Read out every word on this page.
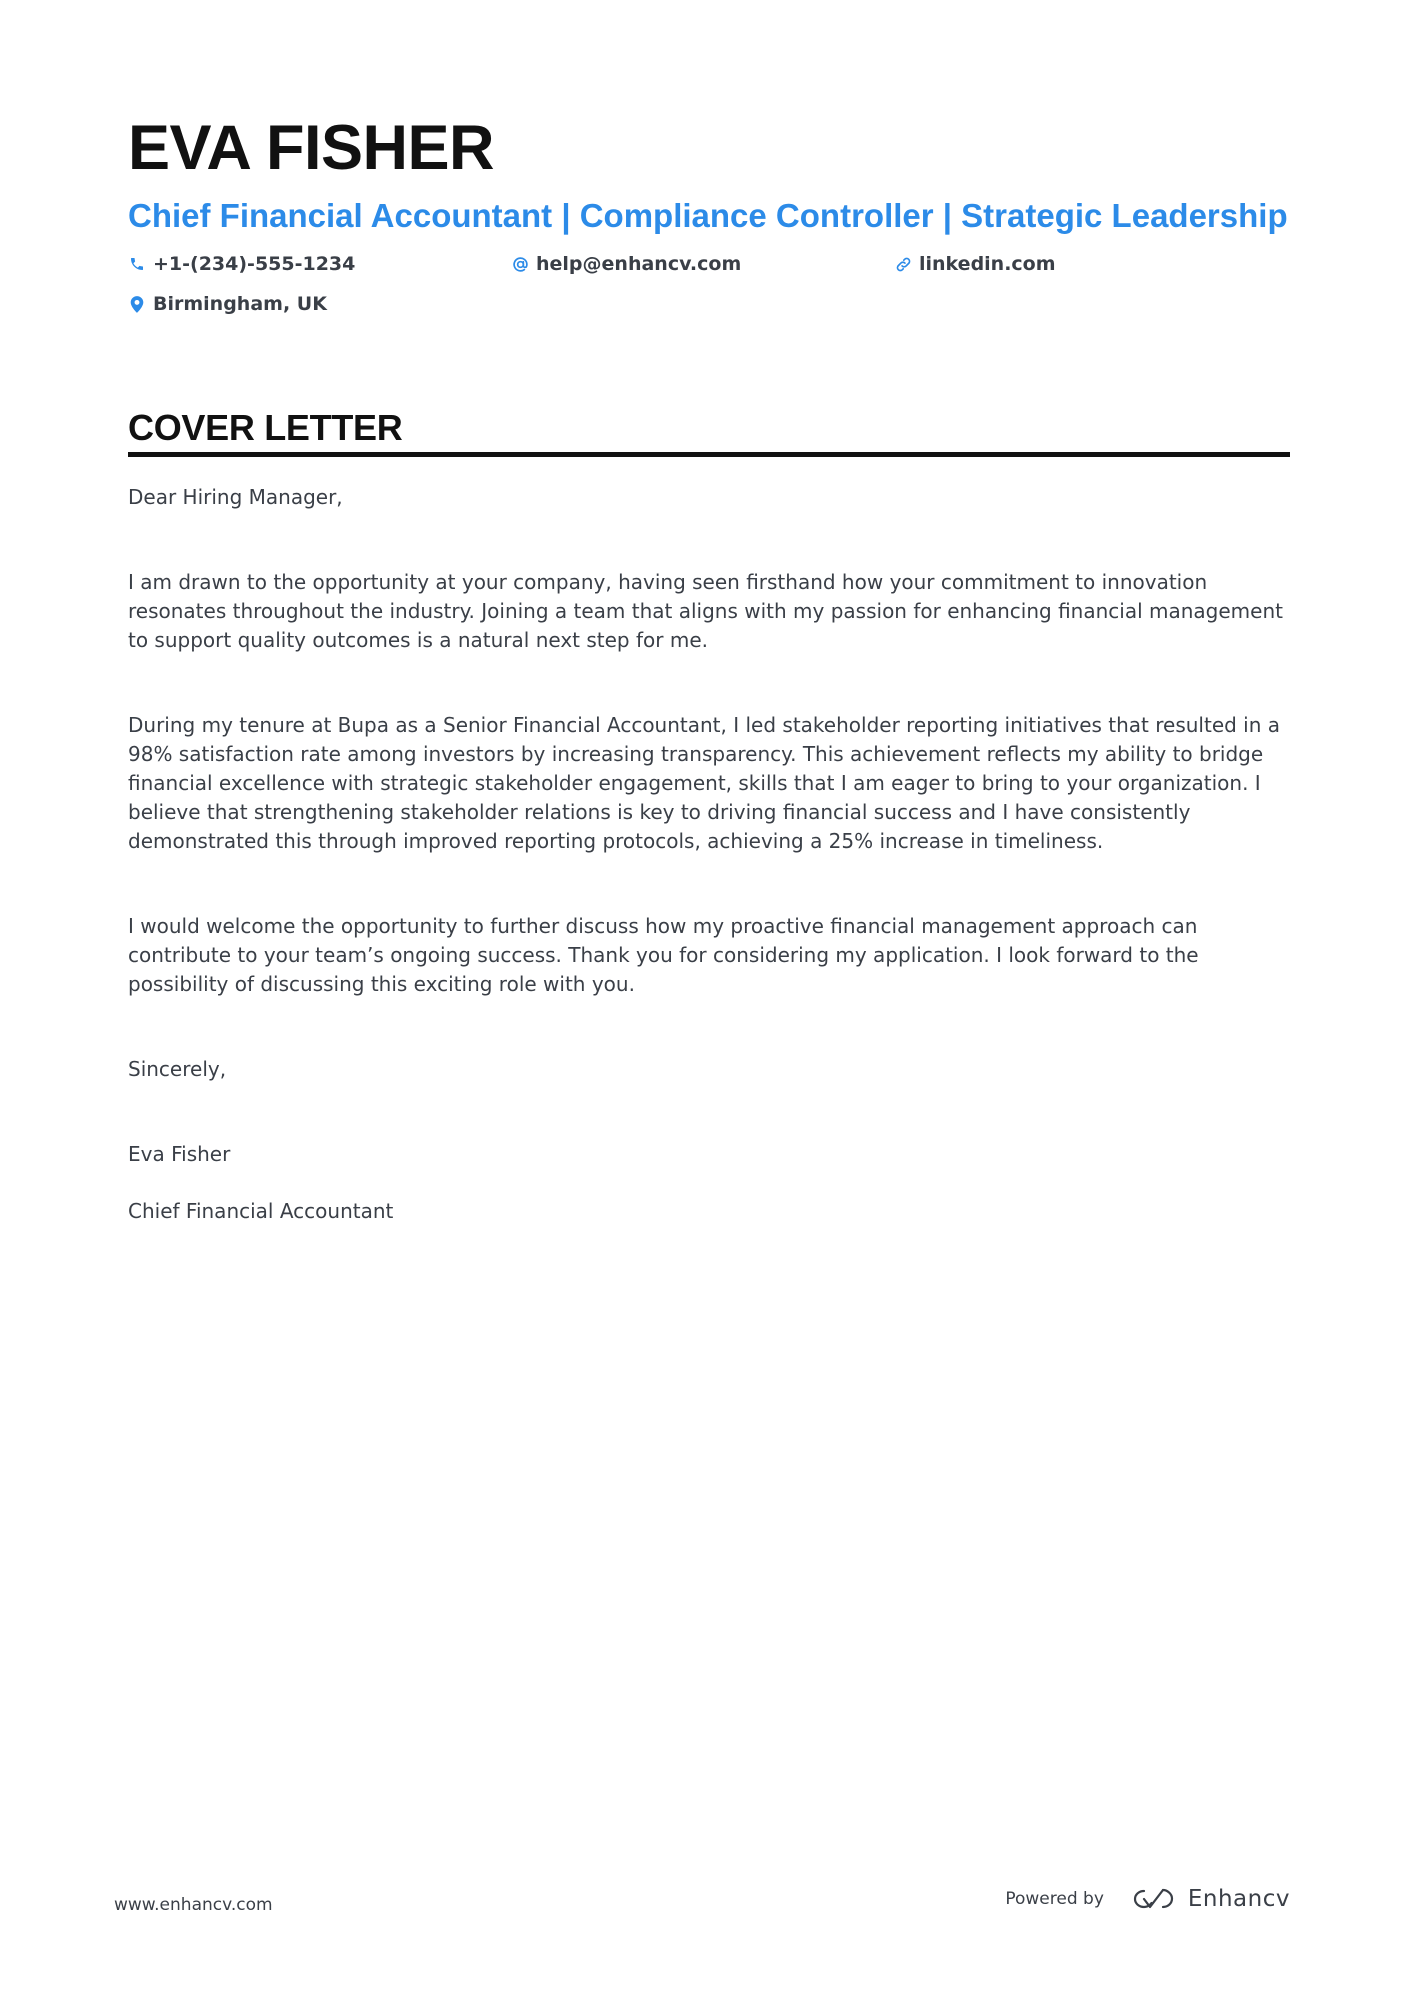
EVA FISHER
Chief Financial Accountant | Compliance Controller | Strategic Leadership
+1-(234)-555-1234	help@enhancv.com	linkedin.com
Birmingham, UK
COVER LETTER

Dear Hiring Manager,

I am drawn to the opportunity at your company, having seen firsthand how your commitment to innovation resonates throughout the industry. Joining a team that aligns with my passion for enhancing financial management to support quality outcomes is a natural next step for me.

During my tenure at Bupa as a Senior Financial Accountant, I led stakeholder reporting initiatives that resulted in a 98% satisfaction rate among investors by increasing transparency. This achievement reflects my ability to bridge financial excellence with strategic stakeholder engagement, skills that I am eager to bring to your organization. I believe that strengthening stakeholder relations is key to driving financial success and I have consistently demonstrated this through improved reporting protocols, achieving a 25% increase in timeliness.

I would welcome the opportunity to further discuss how my proactive financial management approach can contribute to your team’s ongoing success. Thank you for considering my application. I look forward to the possibility of discussing this exciting role with you.

Sincerely,

Eva Fisher

Chief Financial Accountant

www.enhancv.com	Powered by	Enhancv
